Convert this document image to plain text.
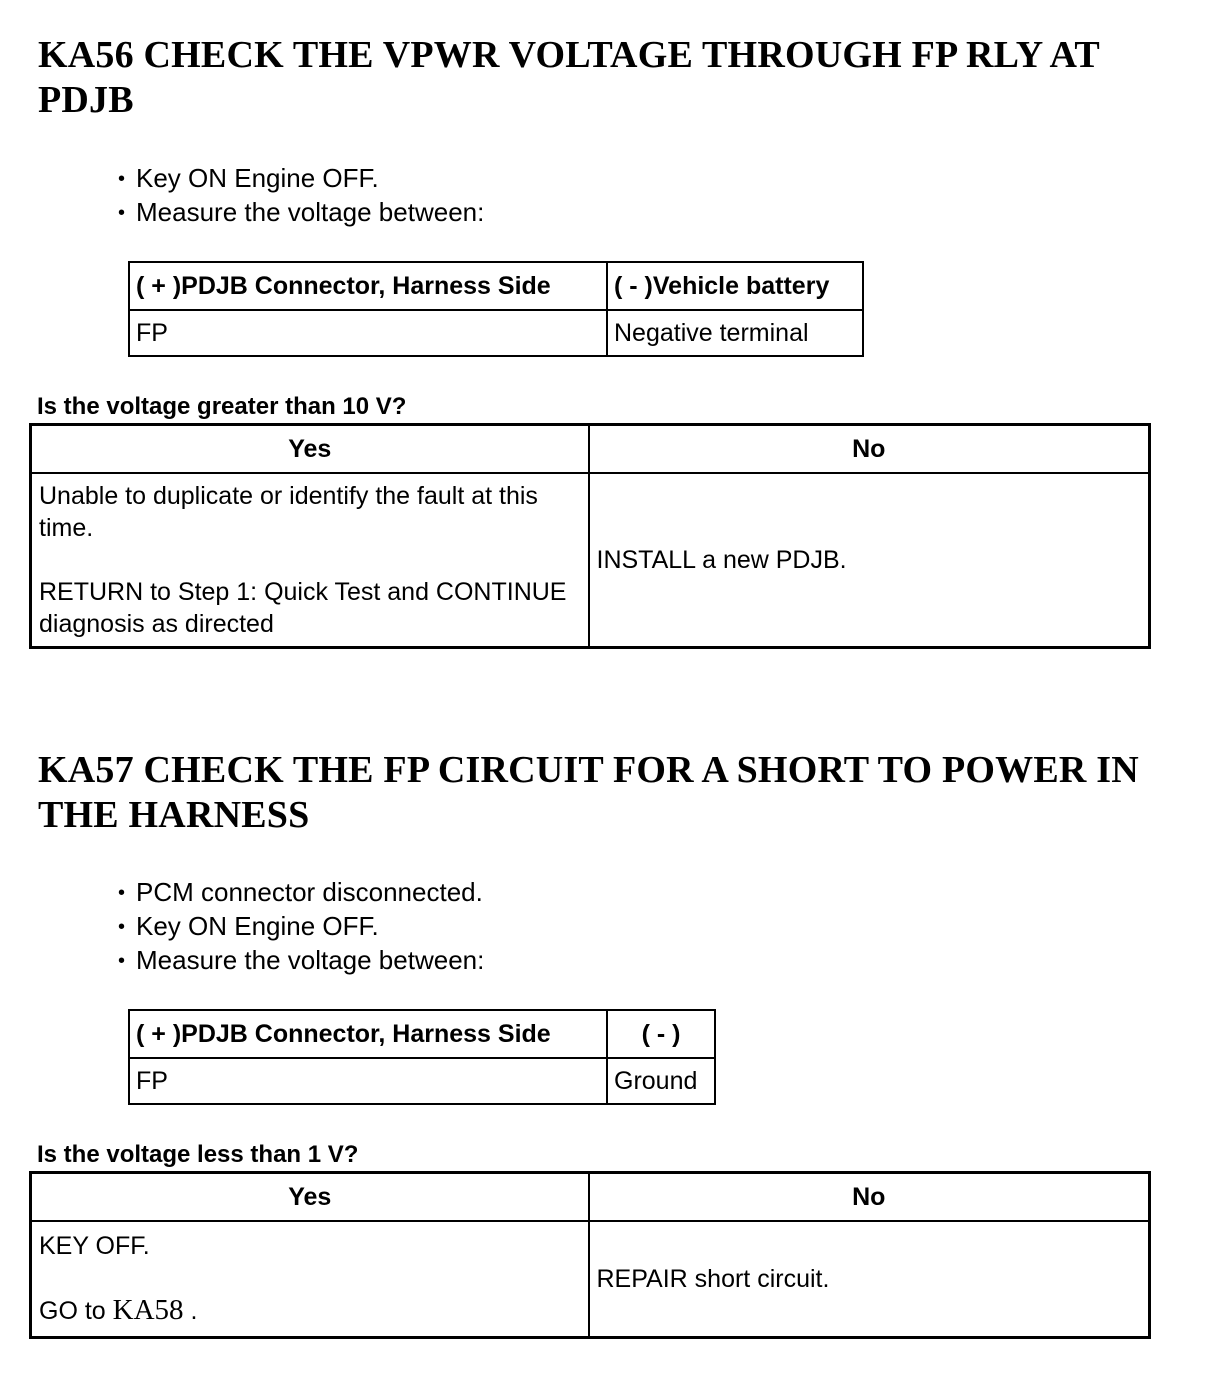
KA56 CHECK THE VPWR VOLTAGE THROUGH FP RLY AT PDJB
• Key ON Engine OFF.
• Measure the voltage between:
( + )PDJB Connector, Harness Side	( - )Vehicle battery
FP	Negative terminal

Is the voltage greater than 10 V?

Yes	No

Unable to duplicate or identify the fault at this time.

RETURN to Step 1: Quick Test and CONTINUE diagnosis as directed	INSTALL a new PDJB.
KA57 CHECK THE FP CIRCUIT FOR A SHORT TO POWER IN THE HARNESS
• PCM connector disconnected.
• Key ON Engine OFF.
• Measure the voltage between:
( + )PDJB Connector, Harness Side	( - )
FP	Ground

Is the voltage less than 1 V?

Yes	No

KEY OFF.

GO to KA58 .	REPAIR short circuit.
